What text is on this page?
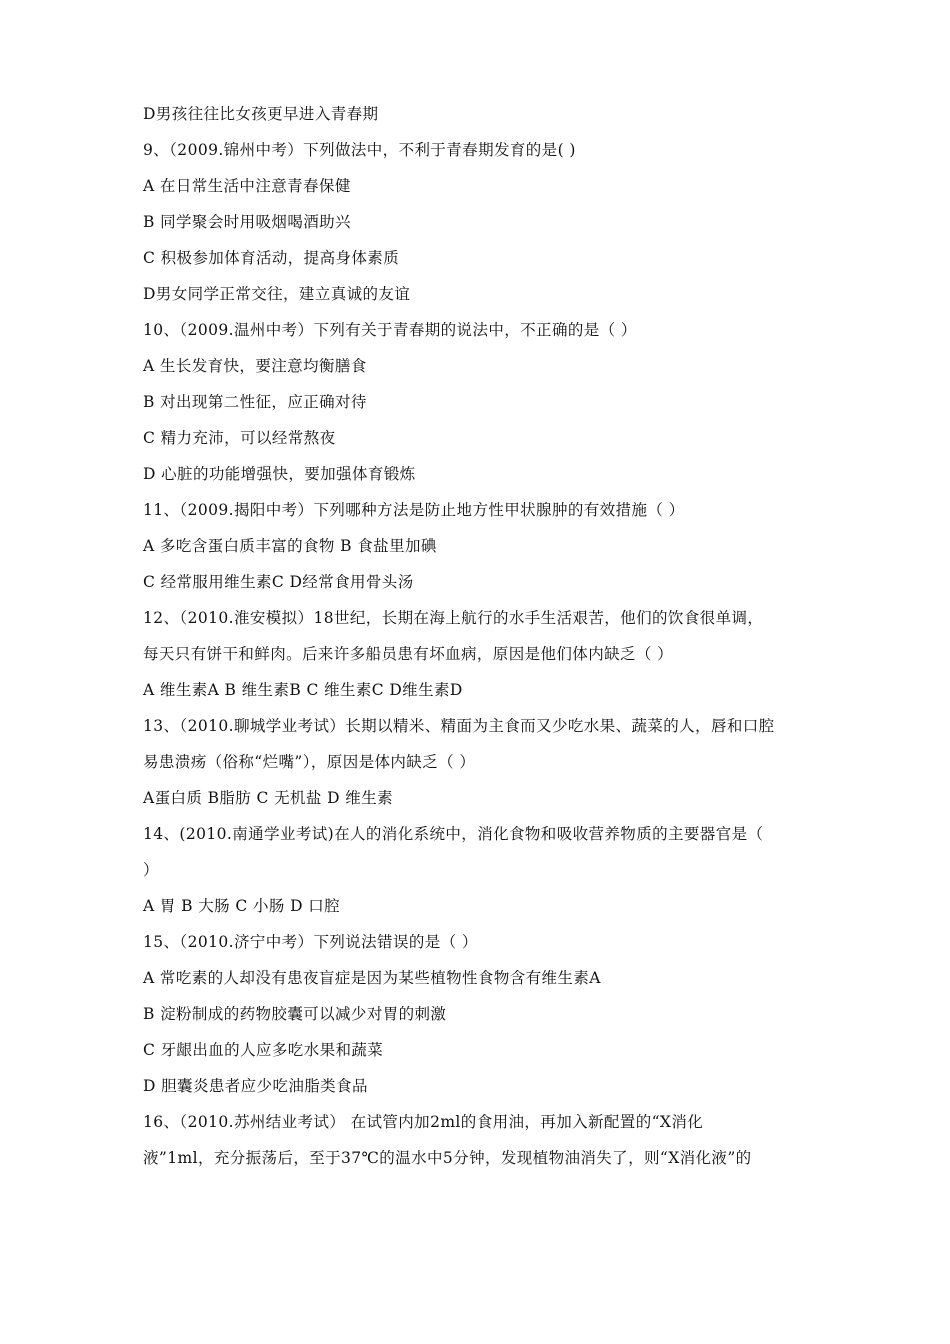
D男孩往往比女孩更早进入青春期
9、（2009.锦州中考）下列做法中，不利于青春期发育的是( )
A 在日常生活中注意青春保健
B 同学聚会时用吸烟喝酒助兴
C 积极参加体育活动，提高身体素质
D男女同学正常交往，建立真诚的友谊
10、（2009.温州中考）下列有关于青春期的说法中，不正确的是（ ）
A 生长发育快，要注意均衡膳食
B 对出现第二性征，应正确对待
C 精力充沛，可以经常熬夜
D 心脏的功能增强快，要加强体育锻炼
11、（2009.揭阳中考）下列哪种方法是防止地方性甲状腺肿的有效措施（ ）
A 多吃含蛋白质丰富的食物 B 食盐里加碘
C 经常服用维生素C D经常食用骨头汤
12、（2010.淮安模拟）18世纪，长期在海上航行的水手生活艰苦，他们的饮食很单调，
每天只有饼干和鲜肉。后来许多船员患有坏血病，原因是他们体内缺乏（ ）
A 维生素A B 维生素B C 维生素C D维生素D
13、（2010.聊城学业考试）长期以精米、精面为主食而又少吃水果、蔬菜的人，唇和口腔
易患溃疡（俗称“烂嘴”），原因是体内缺乏（ ）
A蛋白质 B脂肪 C 无机盐 D 维生素
14、(2010.南通学业考试)在人的消化系统中，消化食物和吸收营养物质的主要器官是（
）
A 胃 B 大肠 C 小肠 D 口腔
15、（2010.济宁中考）下列说法错误的是（ ）
A 常吃素的人却没有患夜盲症是因为某些植物性食物含有维生素A
B 淀粉制成的药物胶囊可以减少对胃的刺激
C 牙龈出血的人应多吃水果和蔬菜
D 胆囊炎患者应少吃油脂类食品
16、（2010.苏州结业考试） 在试管内加2ml的食用油，再加入新配置的“X消化
液”1ml，充分振荡后，至于37℃的温水中5分钟，发现植物油消失了，则“X消化液”的
